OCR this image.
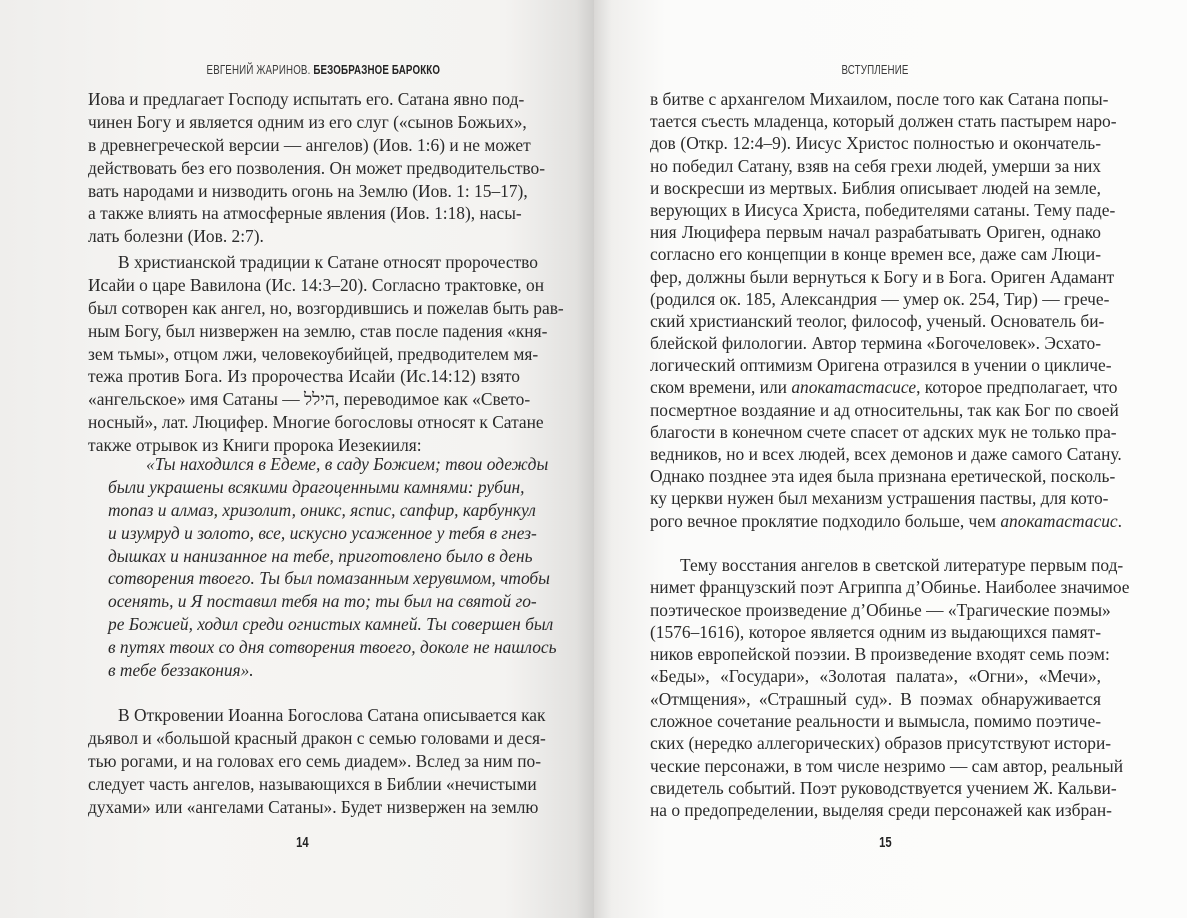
ЕВГЕНИЙ ЖАРИНОВ. БЕЗОБРАЗНОЕ БАРОККО
Иова и предлагает Господу испытать его. Сатана явно под-
чинен Богу и является одним из его слуг («сынов Божьих»,
в древнегреческой версии — ангелов) (Иов. 1:6) и не может
действовать без его позволения. Он может предводительство-
вать народами и низводить огонь на Землю (Иов. 1: 15–17),
а также влиять на атмосферные явления (Иов. 1:18), насы-
лать болезни (Иов. 2:7).
В христианской традиции к Сатане относят пророчество
Исайи о царе Вавилона (Ис. 14:3–20). Согласно трактовке, он
был сотворен как ангел, но, возгордившись и пожелав быть рав-
ным Богу, был низвержен на землю, став после падения «кня-
зем тьмы», отцом лжи, человекоубийцей, предводителем мя-
тежа против Бога. Из пророчества Исайи (Ис.14:12) взято
«ангельское» имя Сатаны — הילל, переводимое как «Свето-
носный», лат. Люцифер. Многие богословы относят к Сатане
также отрывок из Книги пророка Иезекииля:
«Ты находился в Едеме, в саду Божием; твои одежды
были украшены всякими драгоценными камнями: рубин,
топаз и алмаз, хризолит, оникс, яспис, сапфир, карбункул
и изумруд и золото, все, искусно усаженное у тебя в гнез-
дышках и нанизанное на тебе, приготовлено было в день
сотворения твоего. Ты был помазанным херувимом, чтобы
осенять, и Я поставил тебя на то; ты был на святой го-
ре Божией, ходил среди огнистых камней. Ты совершен был
в путях твоих со дня сотворения твоего, доколе не нашлось
в тебе беззакония».
В Откровении Иоанна Богослова Сатана описывается как
дьявол и «большой красный дракон с семью головами и деся-
тью рогами, и на головах его семь диадем». Вслед за ним по-
следует часть ангелов, называющихся в Библии «нечистыми
духами» или «ангелами Сатаны». Будет низвержен на землю
14
ВСТУПЛЕНИЕ
в битве с архангелом Михаилом, после того как Сатана попы-
тается съесть младенца, который должен стать пастырем наро-
дов (Откр. 12:4–9). Иисус Христос полностью и окончатель-
но победил Сатану, взяв на себя грехи людей, умерши за них
и воскресши из мертвых. Библия описывает людей на земле,
верующих в Иисуса Христа, победителями сатаны. Тему паде-
ния Люцифера первым начал разрабатывать Ориген, однако
согласно его концепции в конце времен все, даже сам Люци-
фер, должны были вернуться к Богу и в Бога. Ориген Адамант
(родился ок. 185, Александрия — умер ок. 254, Тир) — грече-
ский христианский теолог, философ, ученый. Основатель би-
блейской филологии. Автор термина «Богочеловек». Эсхато-
логический оптимизм Оригена отразился в учении о цикличе-
ском времени, или апокатастасисе, которое предполагает, что
посмертное воздаяние и ад относительны, так как Бог по своей
благости в конечном счете спасет от адских мук не только пра-
ведников, но и всех людей, всех демонов и даже самого Сатану.
Однако позднее эта идея была признана еретической, посколь-
ку церкви нужен был механизм устрашения паствы, для кото-
рого вечное проклятие подходило больше, чем апокатастасис.
Тему восстания ангелов в светской литературе первым под-
нимет французский поэт Агриппа д’Обинье. Наиболее значимое
поэтическое произведение д’Обинье — «Трагические поэмы»
(1576–1616), которое является одним из выдающихся памят-
ников европейской поэзии. В произведение входят семь поэм:
«Беды», «Государи», «Золотая палата», «Огни», «Мечи»,
«Отмщения», «Страшный суд». В поэмах обнаруживается
сложное сочетание реальности и вымысла, помимо поэтиче-
ских (нередко аллегорических) образов присутствуют истори-
ческие персонажи, в том числе незримо — сам автор, реальный
свидетель событий. Поэт руководствуется учением Ж. Кальви-
на о предопределении, выделяя среди персонажей как избран-
15
